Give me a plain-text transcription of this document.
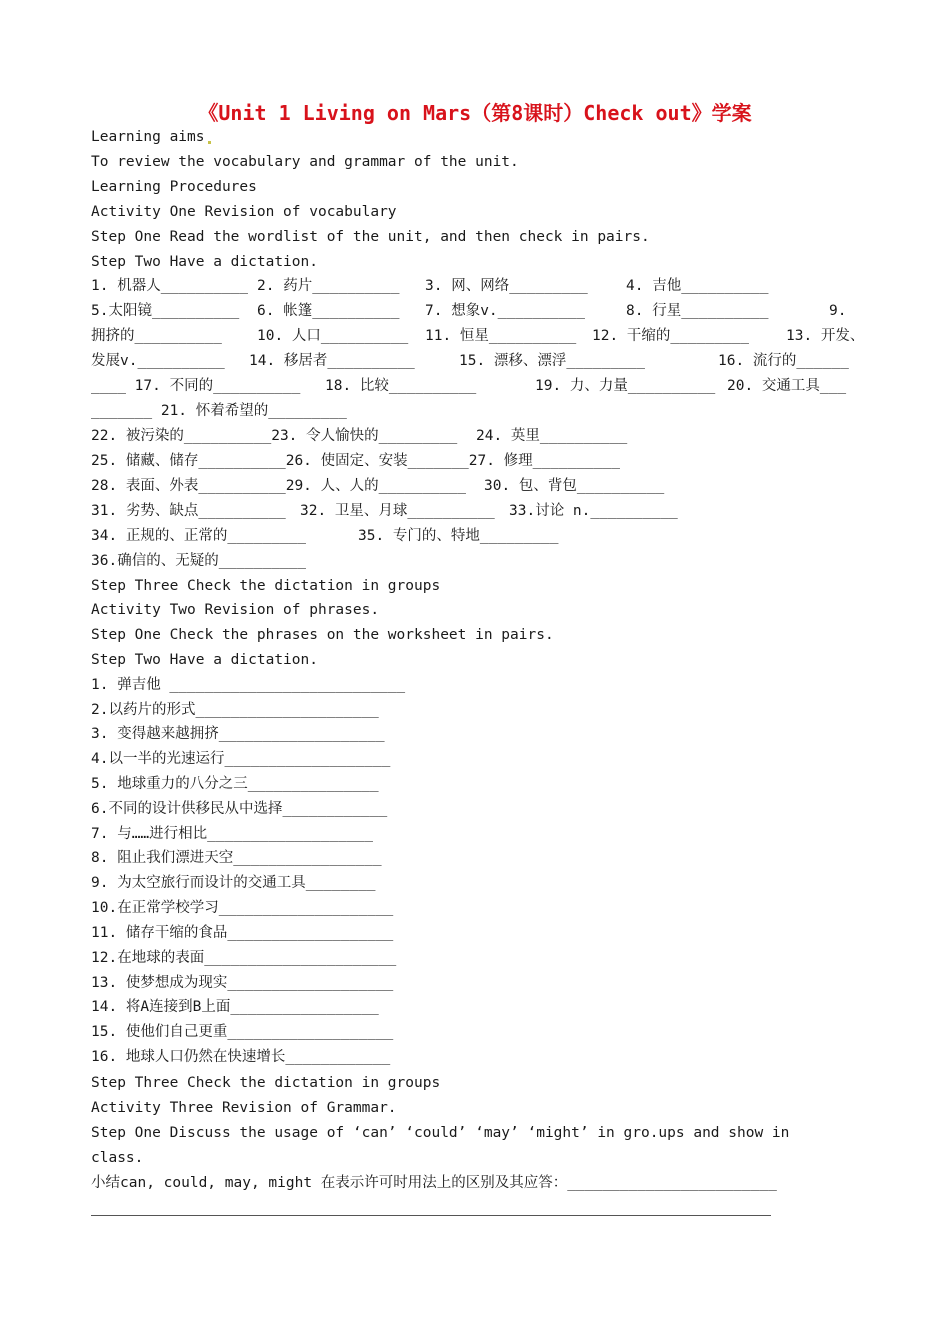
《Unit 1 Living on Mars（第8课时）Check out》学案
Learning aims
To review the vocabulary and grammar of the unit.
Learning Procedures
Activity One Revision of vocabulary
Step One Read the wordlist of the unit, and then check in pairs.
Step Two Have a dictation.
1. 机器人__________ 2. 药片__________ 3. 网、网络_________	4. 吉他__________
5.太阳镜__________ 6. 帐篷__________ 7. 想象v.__________	8. 行星__________	9.
拥挤的__________ 10. 人口__________ 11. 恒星__________ 12. 干缩的_________	13. 开发、
发展v.__________ 14. 移居者__________	15. 漂移、漂浮_________	16. 流行的______
____ 17. 不同的__________ 18. 比较__________	19. 力、力量__________ 20. 交通工具___
_______ 21. 怀着希望的_________
22. 被污染的__________23. 令人愉快的_________ 24. 英里__________
25. 储藏、储存__________26. 使固定、安装_______27. 修理__________
28. 表面、外表__________29. 人、人的__________ 30. 包、背包__________
31. 劣势、缺点__________ 32. 卫星、月球__________ 33.讨论 n.__________
34. 正规的、正常的_________	35. 专门的、特地_________
36.确信的、无疑的__________
Step Three Check the dictation in groups
Activity Two Revision of phrases.
Step One Check the phrases on the worksheet in pairs.
Step Two Have a dictation.
1. 弹吉他 ___________________________
2.以药片的形式_____________________
3. 变得越来越拥挤___________________
4.以一半的光速运行___________________
5. 地球重力的八分之三_______________
6.不同的设计供移民从中选择____________
7. 与……进行相比___________________
8. 阻止我们漂进天空_________________
9. 为太空旅行而设计的交通工具________
10.在正常学校学习____________________
11. 储存干缩的食品___________________
12.在地球的表面______________________
13. 使梦想成为现实___________________
14. 将A连接到B上面_________________
15. 使他们自己更重___________________
16. 地球人口仍然在快速增长____________
Step Three Check the dictation in groups
Activity Three Revision of Grammar.
Step One Discuss the usage of ‘can’ ‘could’ ‘may’ ‘might’ in gro.ups and show in
class.
小结can, could, may, might 在表示许可时用法上的区别及其应答：________________________
